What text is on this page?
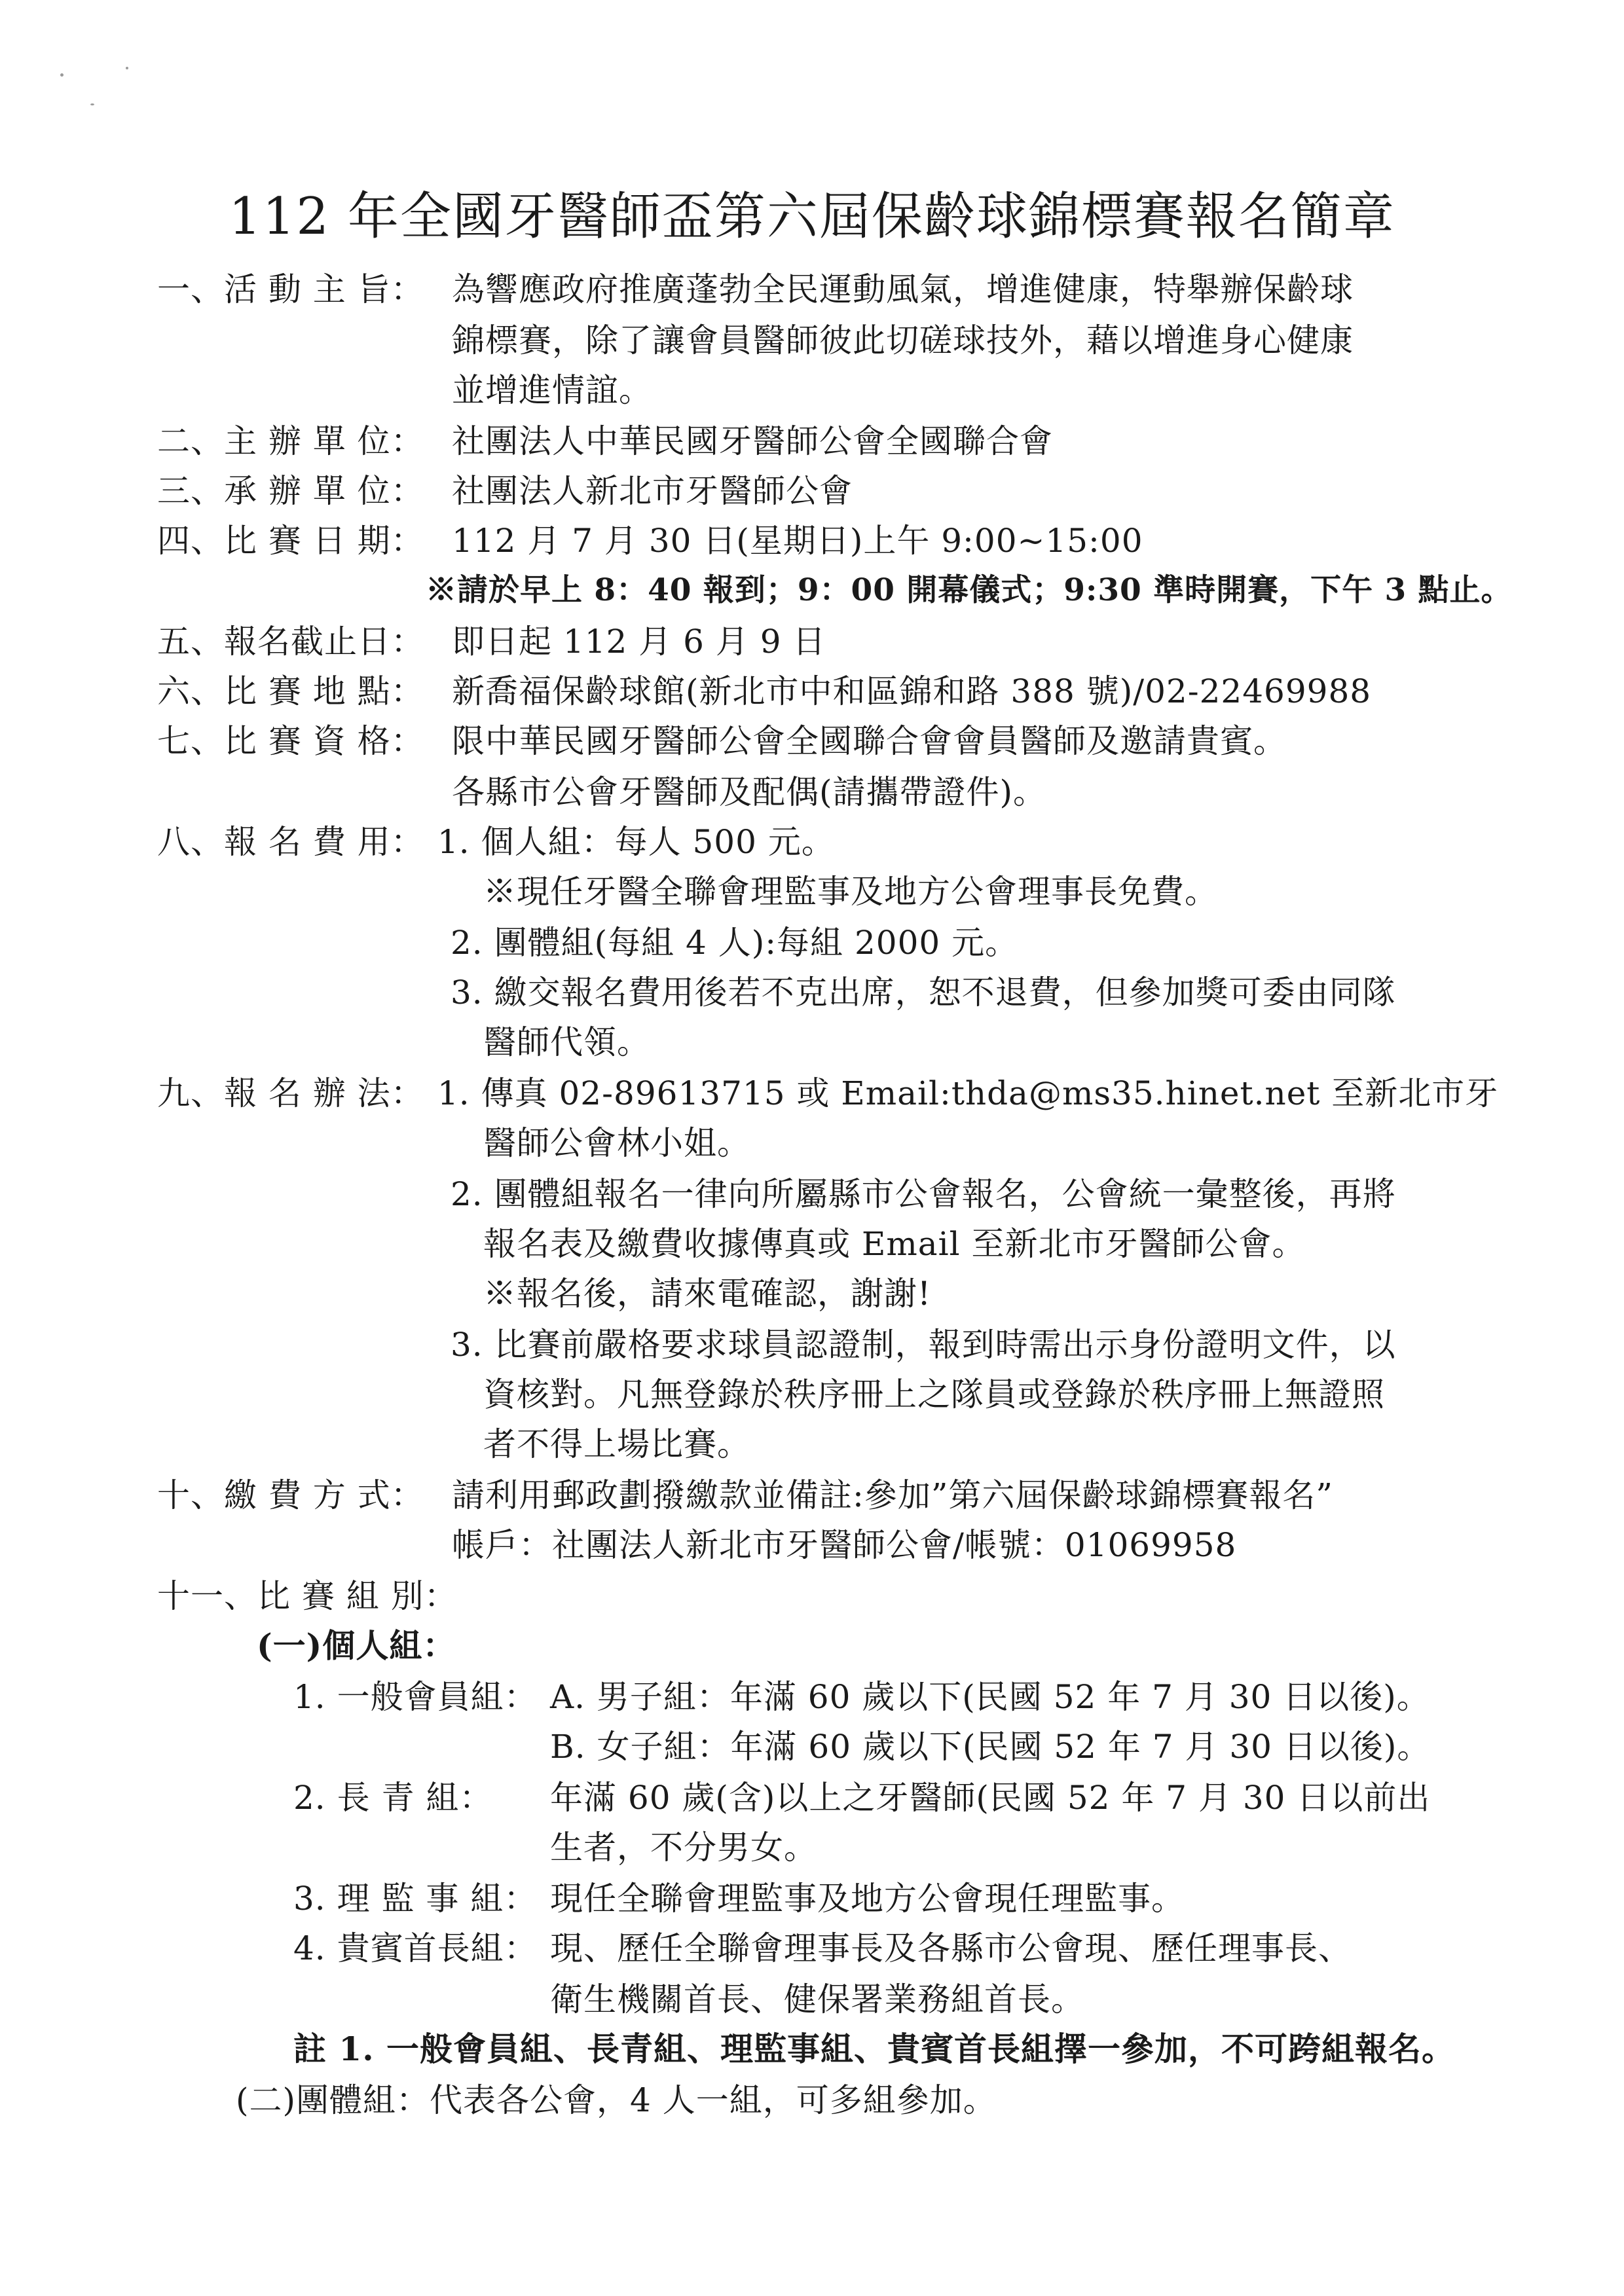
112 年全國牙醫師盃第六屆保齡球錦標賽報名簡章
一、活 動 主 旨： 為響應政府推廣蓬勃全民運動風氣，增進健康，特舉辦保齡球
錦標賽，除了讓會員醫師彼此切磋球技外，藉以增進身心健康
並增進情誼。
二、主 辦 單 位： 社團法人中華民國牙醫師公會全國聯合會
三、承 辦 單 位： 社團法人新北市牙醫師公會
四、比 賽 日 期： 112 月 7 月 30 日(星期日)上午 9:00~15:00
※請於早上 8：40 報到；9：00 開幕儀式；9:30 準時開賽，下午 3 點止。
五、報名截止日： 即日起 112 月 6 月 9 日
六、比 賽 地 點： 新喬福保齡球館(新北市中和區錦和路 388 號)/02-22469988
七、比 賽 資 格： 限中華民國牙醫師公會全國聯合會會員醫師及邀請貴賓。
各縣市公會牙醫師及配偶(請攜帶證件)。
八、報 名 費 用： 1. 個人組：每人 500 元。
※現任牙醫全聯會理監事及地方公會理事長免費。
2. 團體組(每組 4 人):每組 2000 元。
3. 繳交報名費用後若不克出席，恕不退費，但參加獎可委由同隊
醫師代領。
九、報 名 辦 法： 1. 傳真 02-89613715 或 Email:thda@ms35.hinet.net 至新北市牙
醫師公會林小姐。
2. 團體組報名一律向所屬縣市公會報名，公會統一彙整後，再將
報名表及繳費收據傳真或 Email 至新北市牙醫師公會。
※報名後，請來電確認，謝謝!
3. 比賽前嚴格要求球員認證制，報到時需出示身份證明文件，以
資核對。凡無登錄於秩序冊上之隊員或登錄於秩序冊上無證照
者不得上場比賽。
十、繳 費 方 式： 請利用郵政劃撥繳款並備註:參加”第六屆保齡球錦標賽報名”
帳戶：社團法人新北市牙醫師公會/帳號：01069958
十一、比 賽 組 別：
(一)個人組：
1. 一般會員組： A. 男子組：年滿 60 歲以下(民國 52 年 7 月 30 日以後)。
B. 女子組：年滿 60 歲以下(民國 52 年 7 月 30 日以後)。
2. 長 青 組： 年滿 60 歲(含)以上之牙醫師(民國 52 年 7 月 30 日以前出
生者，不分男女。
3. 理 監 事 組： 現任全聯會理監事及地方公會現任理監事。
4. 貴賓首長組： 現、歷任全聯會理事長及各縣市公會現、歷任理事長、
衛生機關首長、健保署業務組首長。
註 1. 一般會員組、長青組、理監事組、貴賓首長組擇一參加，不可跨組報名。
(二)團體組：代表各公會，4 人一組，可多組參加。
